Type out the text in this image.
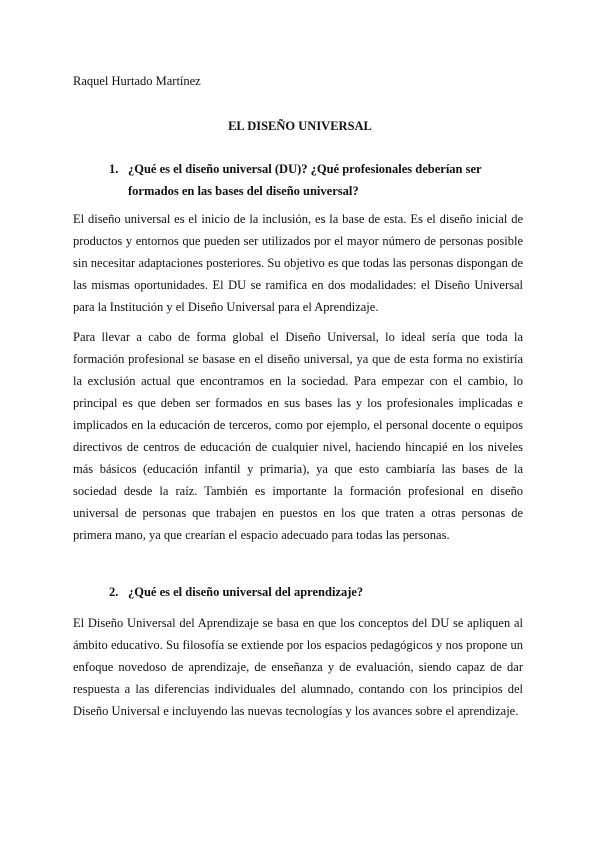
Raquel Hurtado Martínez
EL DISEÑO UNIVERSAL
1. ¿Qué es el diseño universal (DU)? ¿Qué profesionales deberían ser formados en las bases del diseño universal?

El diseño universal es el inicio de la inclusión, es la base de esta. Es el diseño inicial de productos y entornos que pueden ser utilizados por el mayor número de personas posible sin necesitar adaptaciones posteriores. Su objetivo es que todas las personas dispongan de las mismas oportunidades. El DU se ramifica en dos modalidades: el Diseño Universal para la Institución y el Diseño Universal para el Aprendizaje.

Para llevar a cabo de forma global el Diseño Universal, lo ideal sería que toda la formación profesional se basase en el diseño universal, ya que de esta forma no existiría la exclusión actual que encontramos en la sociedad. Para empezar con el cambio, lo principal es que deben ser formados en sus bases las y los profesionales implicadas e implicados en la educación de terceros, como por ejemplo, el personal docente o equipos directivos de centros de educación de cualquier nivel, haciendo hincapié en los niveles más básicos (educación infantil y primaria), ya que esto cambiaría las bases de la sociedad desde la raíz. También es importante la formación profesional en diseño universal de personas que trabajen en puestos en los que traten a otras personas de primera mano, ya que crearían el espacio adecuado para todas las personas.

2. ¿Qué es el diseño universal del aprendizaje?

El Diseño Universal del Aprendizaje se basa en que los conceptos del DU se apliquen al ámbito educativo. Su filosofía se extiende por los espacios pedagógicos y nos propone un enfoque novedoso de aprendizaje, de enseñanza y de evaluación, siendo capaz de dar respuesta a las diferencias individuales del alumnado, contando con los principios del Diseño Universal e incluyendo las nuevas tecnologías y los avances sobre el aprendizaje.
